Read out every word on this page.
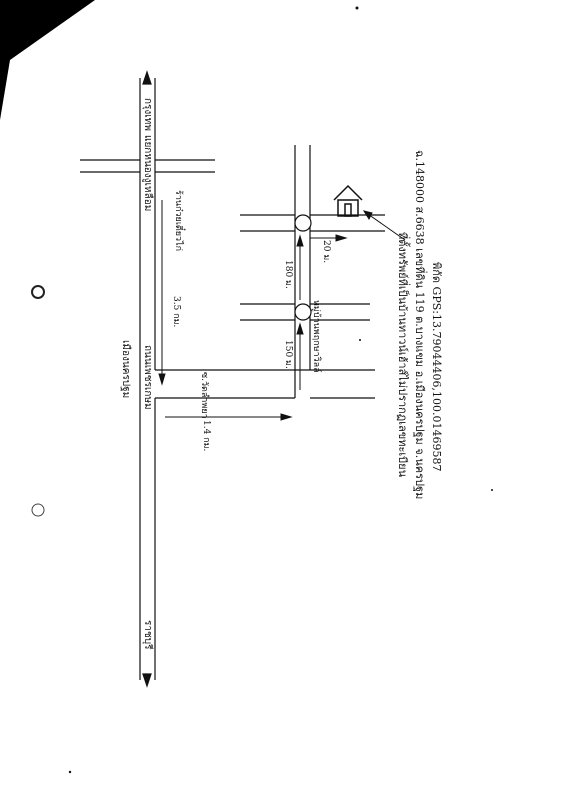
กรุงเทพ
แยกหนองงูเหลือม
ถนนเพชรเกษม
เมืองนครปฐม
ราชบุรี
ซ.วัดลำพยา
ร้านก๋วยเตี๋ยวไก่
3.5 กม.
1.4 กม.
150 ม.
180 ม.
20 ม.
หมู่บ้านพฤกษาวิลล์	ที่ตั้งทรัพย์ที่เป็นบ้านทาวน์เฮ้าส์ไม่ปรากฏเลขทะเบียน ฉ.148000 ส.6638 เลขที่ดิน 119 ต.บางแขม อ.เมืองนครปฐม จ.นครปฐม พิกัด GPS:13.79044406,100.01469587
